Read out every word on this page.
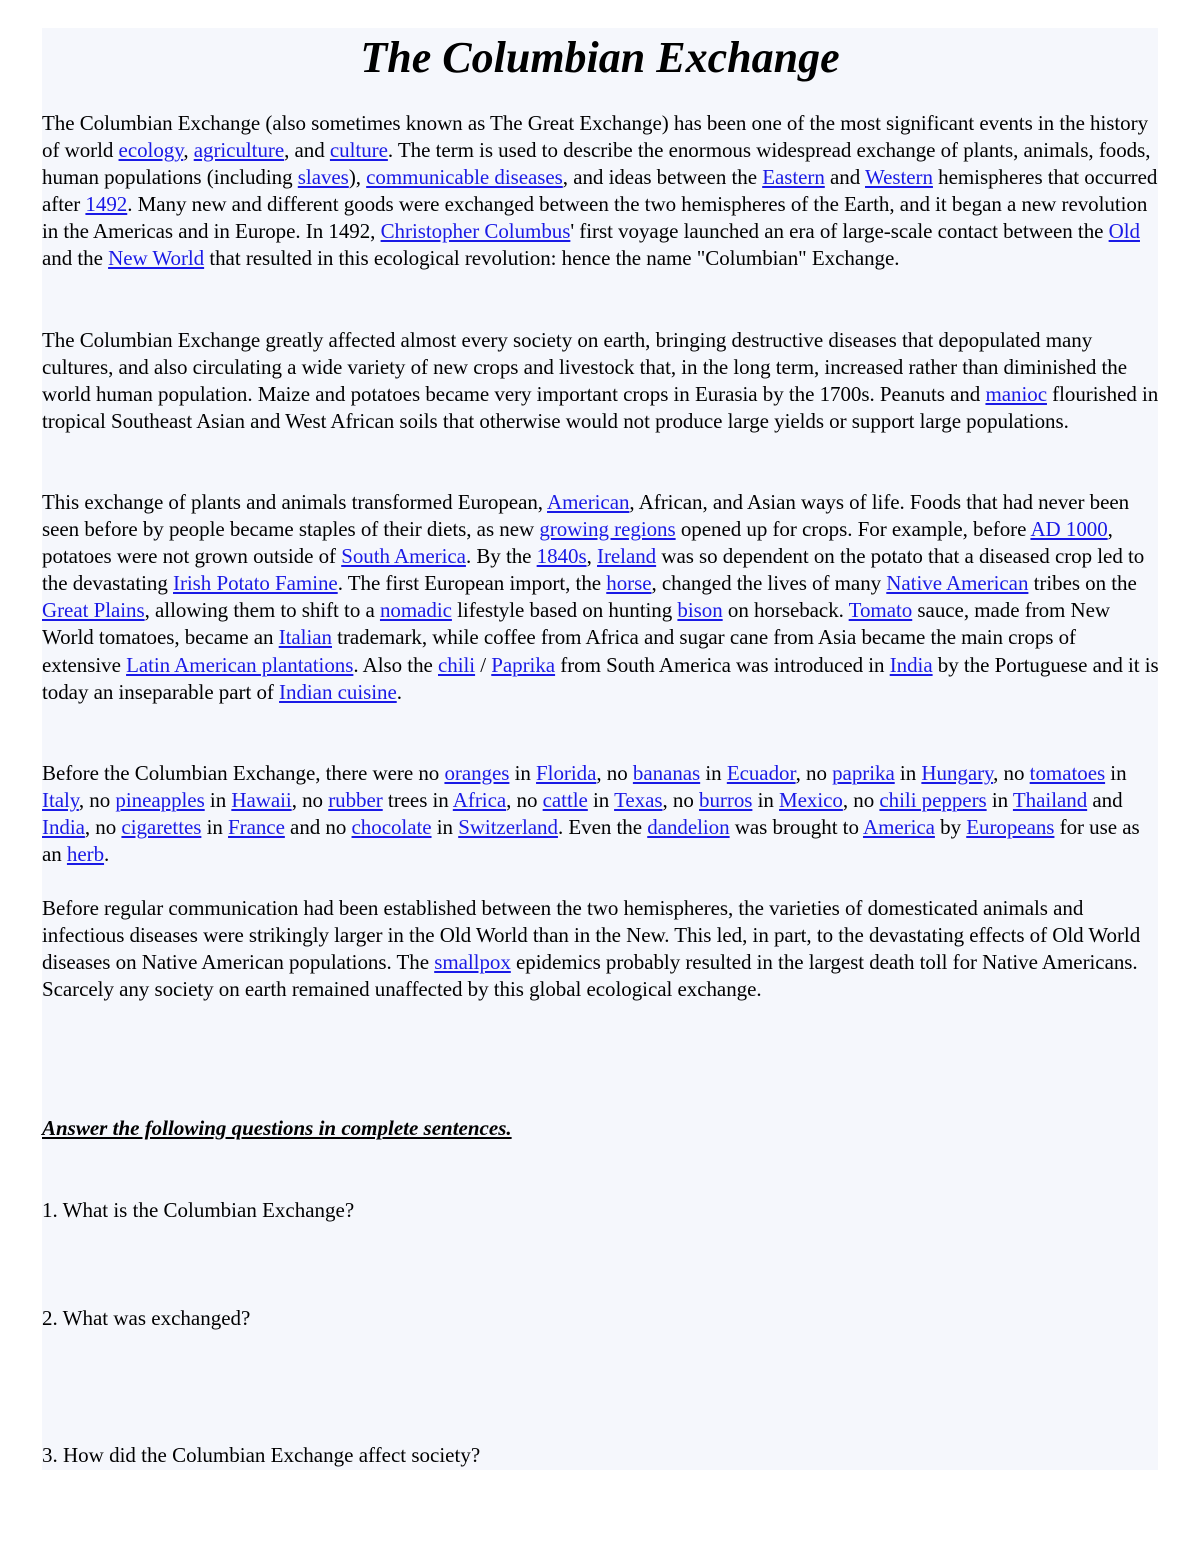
The Columbian Exchange

The Columbian Exchange (also sometimes known as The Great Exchange) has been one of the most significant events in the history of world ecology, agriculture, and culture. The term is used to describe the enormous widespread exchange of plants, animals, foods, human populations (including slaves), communicable diseases, and ideas between the Eastern and Western hemispheres that occurred after 1492. Many new and different goods were exchanged between the two hemispheres of the Earth, and it began a new revolution in the Americas and in Europe. In 1492, Christopher Columbus' first voyage launched an era of large-scale contact between the Old and the New World that resulted in this ecological revolution: hence the name "Columbian" Exchange.

The Columbian Exchange greatly affected almost every society on earth, bringing destructive diseases that depopulated many cultures, and also circulating a wide variety of new crops and livestock that, in the long term, increased rather than diminished the world human population. Maize and potatoes became very important crops in Eurasia by the 1700s. Peanuts and manioc flourished in tropical Southeast Asian and West African soils that otherwise would not produce large yields or support large populations.

This exchange of plants and animals transformed European, American, African, and Asian ways of life. Foods that had never been seen before by people became staples of their diets, as new growing regions opened up for crops. For example, before AD 1000, potatoes were not grown outside of South America. By the 1840s, Ireland was so dependent on the potato that a diseased crop led to the devastating Irish Potato Famine. The first European import, the horse, changed the lives of many Native American tribes on the Great Plains, allowing them to shift to a nomadic lifestyle based on hunting bison on horseback. Tomato sauce, made from New World tomatoes, became an Italian trademark, while coffee from Africa and sugar cane from Asia became the main crops of extensive Latin American plantations. Also the chili / Paprika from South America was introduced in India by the Portuguese and it is today an inseparable part of Indian cuisine.

Before the Columbian Exchange, there were no oranges in Florida, no bananas in Ecuador, no paprika in Hungary, no tomatoes in Italy, no pineapples in Hawaii, no rubber trees in Africa, no cattle in Texas, no burros in Mexico, no chili peppers in Thailand and India, no cigarettes in France and no chocolate in Switzerland. Even the dandelion was brought to America by Europeans for use as an herb.

Before regular communication had been established between the two hemispheres, the varieties of domesticated animals and infectious diseases were strikingly larger in the Old World than in the New. This led, in part, to the devastating effects of Old World diseases on Native American populations. The smallpox epidemics probably resulted in the largest death toll for Native Americans. Scarcely any society on earth remained unaffected by this global ecological exchange.

Answer the following questions in complete sentences.

1. What is the Columbian Exchange?

2. What was exchanged?

3. How did the Columbian Exchange affect society?
